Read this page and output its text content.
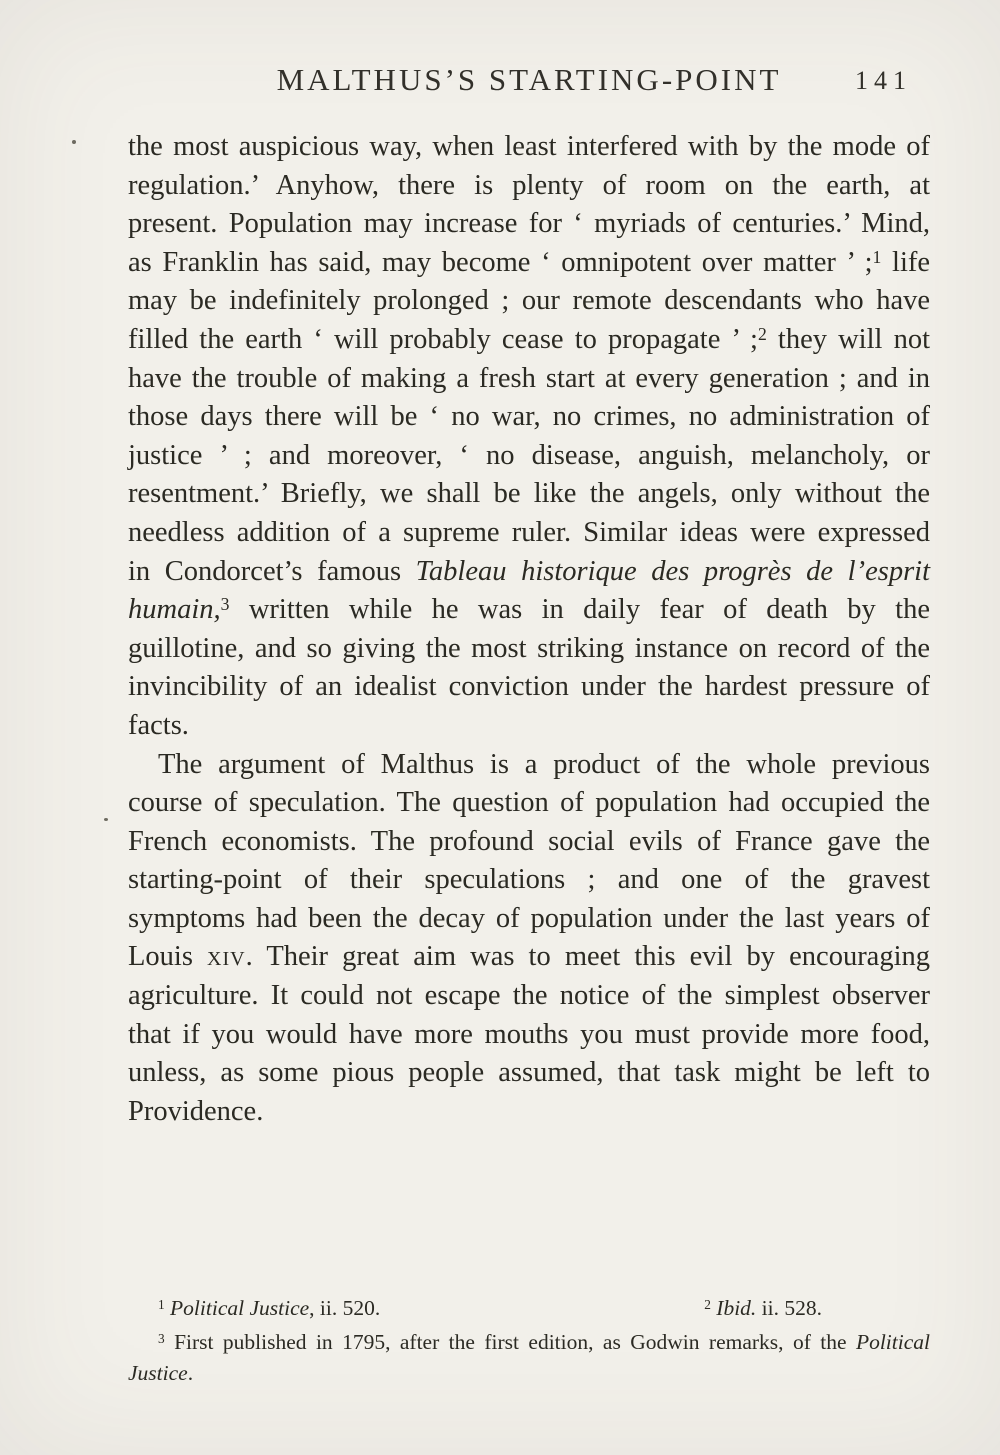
MALTHUS’S STARTING-POINT	141

the most auspicious way, when least interfered with by the mode of regulation.’ Anyhow, there is plenty of room on the earth, at present. Population may increase for ‘ myriads of centuries.’ Mind, as Franklin has said, may become ‘ omnipotent over matter ’ ;$^1$ life may be indefinitely prolonged ; our remote descendants who have filled the earth ‘ will probably cease to propagate ’ ;$^2$ they will not have the trouble of making a fresh start at every generation ; and in those days there will be ‘ no war, no crimes, no administration of justice ’ ; and moreover, ‘ no disease, anguish, melancholy, or resentment.’ Briefly, we shall be like the angels, only without the needless addition of a supreme ruler. Similar ideas were expressed in Condorcet’s famous Tableau historique des progrès de l’esprit humain,$^3$ written while he was in daily fear of death by the guillotine, and so giving the most striking instance on record of the invincibility of an idealist conviction under the hardest pressure of facts.

The argument of Malthus is a product of the whole previous course of speculation. The question of population had occupied the French economists. The profound social evils of France gave the starting-point of their speculations ; and one of the gravest symptoms had been the decay of population under the last years of Louis xiv. Their great aim was to meet this evil by encouraging agriculture. It could not escape the notice of the simplest observer that if you would have more mouths you must provide more food, unless, as some pious people assumed, that task might be left to Providence.

$^1$ Political Justice, ii. 520.	$^2$ Ibid. ii. 528.

$^3$ First published in 1795, after the first edition, as Godwin remarks, of the Political Justice.
